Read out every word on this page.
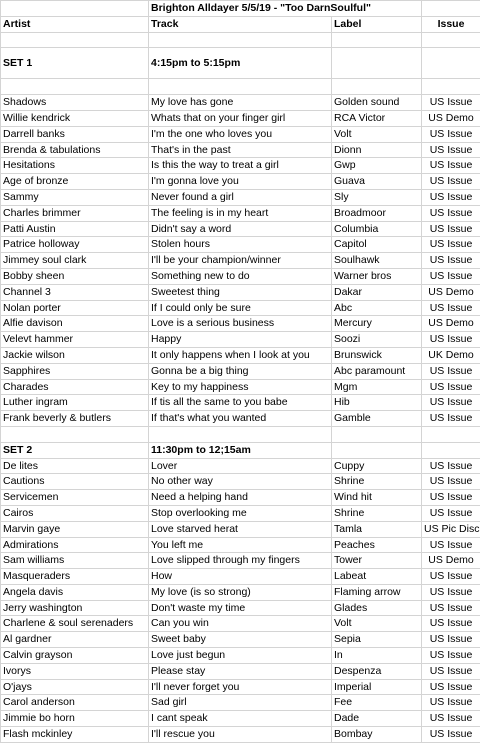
	Brighton Alldayer 5/5/19 - "Too DarnSoulful"		
Artist	Track	Label	Issue

SET 1	4:15pm to 5:15pm		

Shadows	My love has gone	Golden sound	US Issue
Willie kendrick	Whats that on your finger girl	RCA Victor	US Demo
Darrell banks	I'm the one who loves you	Volt	US Issue
Brenda & tabulations	That's in the past	Dionn	US Issue
Hesitations	Is this the way to treat a girl	Gwp	US Issue
Age of bronze	I'm gonna love you	Guava	US Issue
Sammy	Never found a girl	Sly	US Issue
Charles brimmer	The feeling is in my heart	Broadmoor	US Issue
Patti Austin	Didn't say a word	Columbia	US Issue
Patrice holloway	Stolen hours	Capitol	US Issue
Jimmey soul clark	I'll be your champion/winner	Soulhawk	US Issue
Bobby sheen	Something new to do	Warner bros	US Issue
Channel 3	Sweetest thing	Dakar	US Demo
Nolan porter	If I could only be sure	Abc	US Issue
Alfie davison	Love is a serious business	Mercury	US Demo
Velevt hammer	Happy	Soozi	US Issue
Jackie wilson	It only happens when I look at you	Brunswick	UK Demo
Sapphires	Gonna be a big thing	Abc paramount	US Issue
Charades	Key to my happiness	Mgm	US Issue
Luther ingram	If tis all the same to you babe	Hib	US Issue
Frank beverly & butlers	If that's what you wanted	Gamble	US Issue

SET 2	11:30pm to 12;15am		
De lites	Lover	Cuppy	US Issue
Cautions	No other way	Shrine	US Issue
Servicemen	Need a helping hand	Wind hit	US Issue
Cairos	Stop overlooking me	Shrine	US Issue
Marvin gaye	Love starved herat	Tamla	US Pic Disc
Admirations	You left me	Peaches	US Issue
Sam williams	Love slipped through my fingers	Tower	US Demo
Masqueraders	How	Labeat	US Issue
Angela davis	My love (is so strong)	Flaming arrow	US Issue
Jerry washington	Don't waste my time	Glades	US Issue
Charlene & soul serenaders	Can you win	Volt	US Issue
Al gardner	Sweet baby	Sepia	US Issue
Calvin grayson	Love just begun	In	US Issue
Ivorys	Please stay	Despenza	US Issue
O'jays	I'll never forget you	Imperial	US Issue
Carol anderson	Sad girl	Fee	US Issue
Jimmie bo horn	I cant speak	Dade	US Issue
Flash mckinley	I'll rescue you	Bombay	US Issue
